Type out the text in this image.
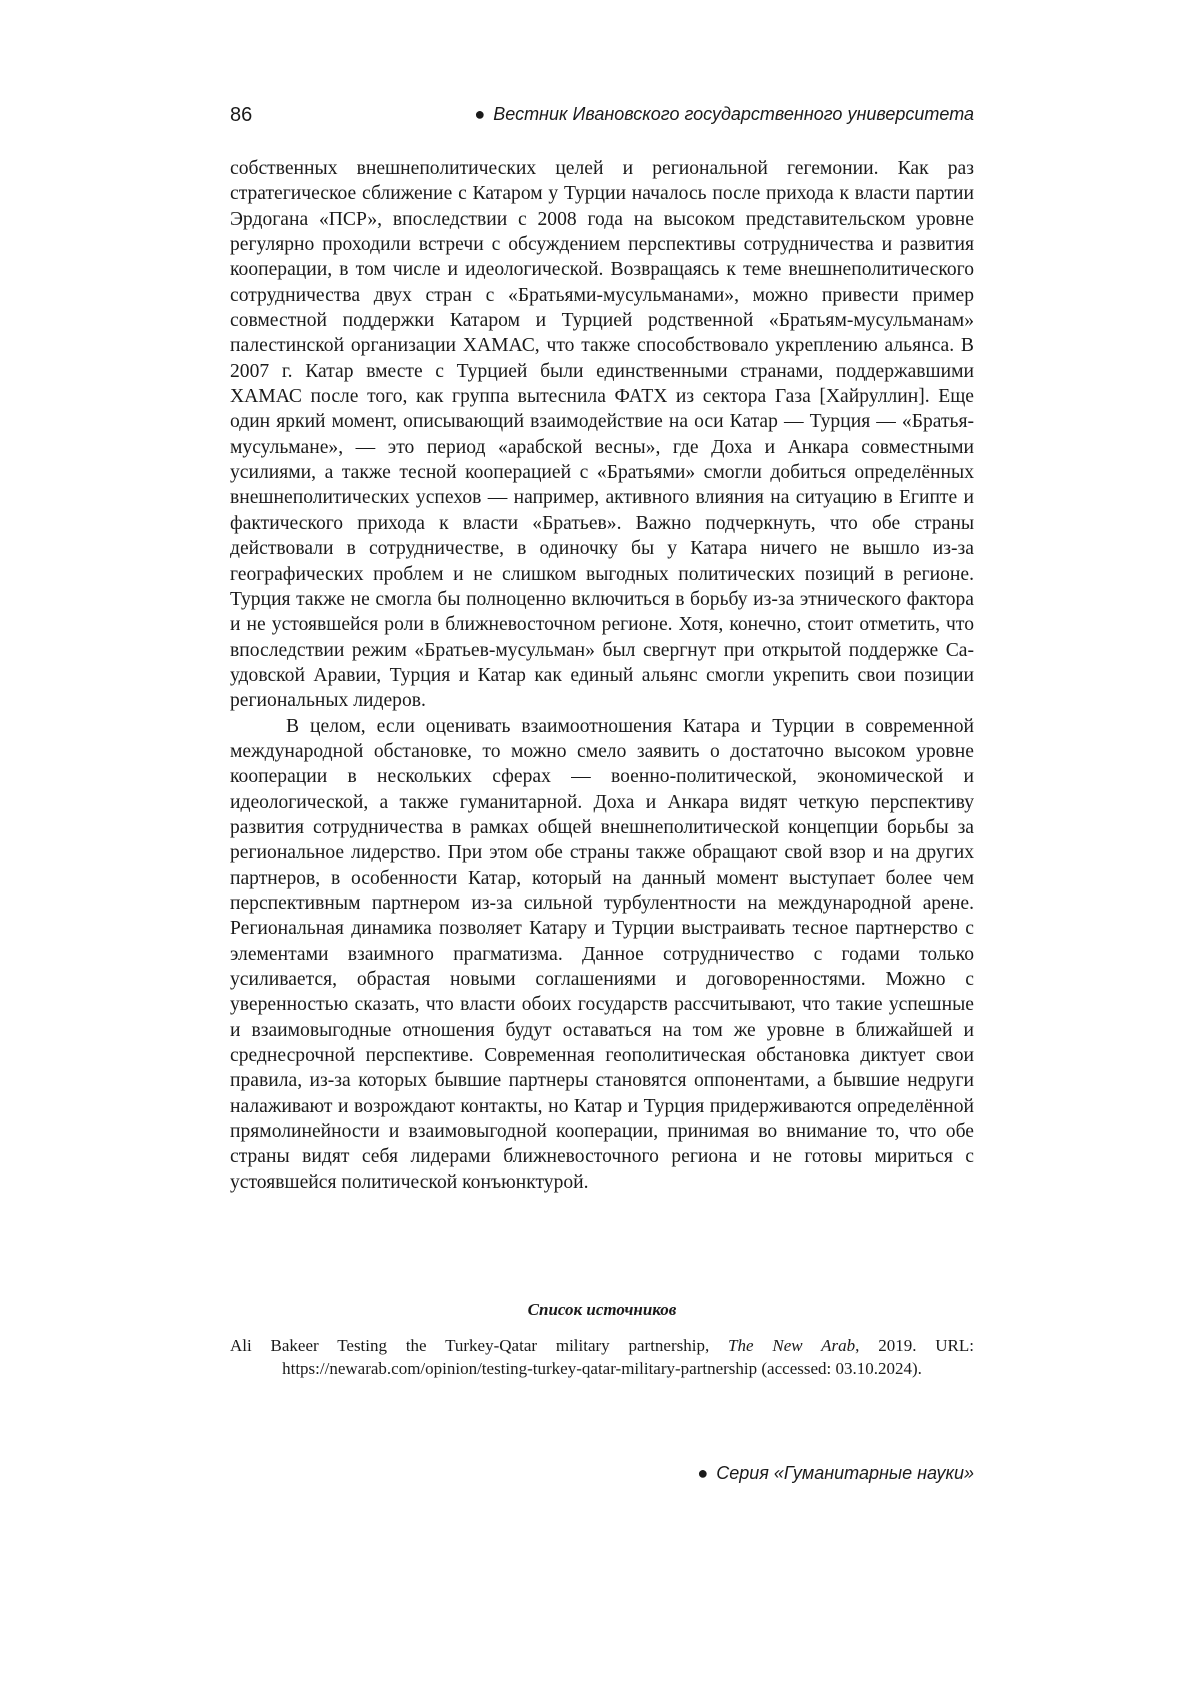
86	● Вестник Ивановского государственного университета

собственных внешнеполитических целей и региональной гегемонии. Как раз стратегическое сближение с Катаром у Турции началось после прихода к власти партии Эрдогана «ПСР», впоследствии с 2008 года на высоком представительском уровне регулярно проходили встречи с обсуждением перспективы сотрудничества и развития кооперации, в том числе и идеологической. Возвращаясь к теме внешнеполитического сотрудничества двух стран с «Братьями-мусульманами», можно привести пример совместной поддержки Катаром и Турцией родственной «Братьям-мусульманам» палестинской организации ХАМАС, что также способствовало укреплению альянса. В 2007 г. Катар вместе с Турцией были единственными странами, поддержавшими ХАМАС после того, как группа вытеснила ФАТХ из сектора Газа [Хайруллин]. Еще один яркий момент, описывающий взаимодействие на оси Катар — Турция — «Братья-мусульмане», — это период «арабской весны», где Доха и Анкара совместными усилиями, а также тесной кооперацией с «Братьями» смогли добиться определённых внешнеполитических успехов — например, активного влияния на ситуацию в Египте и фактического прихода к власти «Братьев». Важно подчеркнуть, что обе страны действовали в сотрудничестве, в одиночку бы у Катара ничего не вышло из-за географических проблем и не слишком выгодных политических позиций в регионе. Турция также не смогла бы полноценно включиться в борьбу из-за этнического фактора и не устоявшейся роли в ближневосточном регионе. Хотя, конечно, стоит отметить, что впоследствии режим «Братьев-мусульман» был свергнут при открытой поддержке Саудовской Аравии, Турция и Катар как единый альянс смогли укрепить свои позиции региональных лидеров.

В целом, если оценивать взаимоотношения Катара и Турции в современной международной обстановке, то можно смело заявить о достаточно высоком уровне кооперации в нескольких сферах — военно-политической, экономической и идеологической, а также гуманитарной. Доха и Анкара видят четкую перспективу развития сотрудничества в рамках общей внешнеполитической концепции борьбы за региональное лидерство. При этом обе страны также обращают свой взор и на других партнеров, в особенности Катар, который на данный момент выступает более чем перспективным партнером из-за сильной турбулентности на международной арене. Региональная динамика позволяет Катару и Турции выстраивать тесное партнерство с элементами взаимного прагматизма. Данное сотрудничество с годами только усиливается, обрастая новыми соглашениями и договоренностями. Можно с уверенностью сказать, что власти обоих государств рассчитывают, что такие успешные и взаимовыгодные отношения будут оставаться на том же уровне в ближайшей и среднесрочной перспективе. Современная геополитическая обстановка диктует свои правила, из-за которых бывшие партнеры становятся оппонентами, а бывшие недруги налаживают и возрождают контакты, но Катар и Турция придерживаются определённой прямолинейности и взаимовыгодной кооперации, принимая во внимание то, что обе страны видят себя лидерами ближневосточного региона и не готовы мириться с устоявшейся политической конъюнктурой.

Список источников
Ali Bakeer Testing the Turkey-Qatar military partnership, The New Arab, 2019. URL: https://newarab.com/opinion/testing-turkey-qatar-military-partnership (accessed: 03.10.2024).
● Серия «Гуманитарные науки»
